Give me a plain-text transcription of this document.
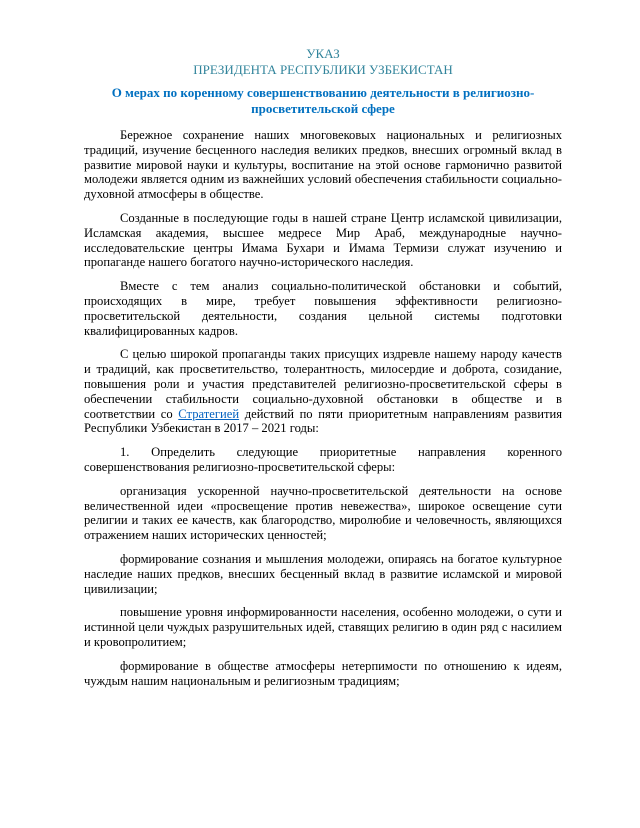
УКАЗ
ПРЕЗИДЕНТА РЕСПУБЛИКИ УЗБЕКИСТАН
О мерах по коренному совершенствованию деятельности в религиозно-просветительской сфере

Бережное сохранение наших многовековых национальных и религиозных традиций, изучение бесценного наследия великих предков, внесших огромный вклад в развитие мировой науки и культуры, воспитание на этой основе гармонично развитой молодежи является одним из важнейших условий обеспечения стабильности социально-духовной атмосферы в обществе.

Созданные в последующие годы в нашей стране Центр исламской цивилизации, Исламская академия, высшее медресе Мир Араб, международные научно-исследовательские центры Имама Бухари и Имама Термизи служат изучению и пропаганде нашего богатого научно-исторического наследия.

Вместе с тем анализ социально-политической обстановки и событий, происходящих в мире, требует повышения эффективности религиозно-просветительской деятельности, создания цельной системы подготовки квалифицированных кадров.

С целью широкой пропаганды таких присущих издревле нашему народу качеств и традиций, как просветительство, толерантность, милосердие и доброта, созидание, повышения роли и участия представителей религиозно-просветительской сферы в обеспечении стабильности социально-духовной обстановки в обществе и в соответствии со Стратегией действий по пяти приоритетным направлениям развития Республики Узбекистан в 2017 – 2021 годы:

1. Определить следующие приоритетные направления коренного совершенствования религиозно-просветительской сферы:

организация ускоренной научно-просветительской деятельности на основе величественной идеи «просвещение против невежества», широкое освещение сути религии и таких ее качеств, как благородство, миролюбие и человечность, являющихся отражением наших исторических ценностей;

формирование сознания и мышления молодежи, опираясь на богатое культурное наследие наших предков, внесших бесценный вклад в развитие исламской и мировой цивилизации;

повышение уровня информированности населения, особенно молодежи, о сути и истинной цели чуждых разрушительных идей, ставящих религию в один ряд с насилием и кровопролитием;

формирование в обществе атмосферы нетерпимости по отношению к идеям, чуждым нашим национальным и религиозным традициям;
